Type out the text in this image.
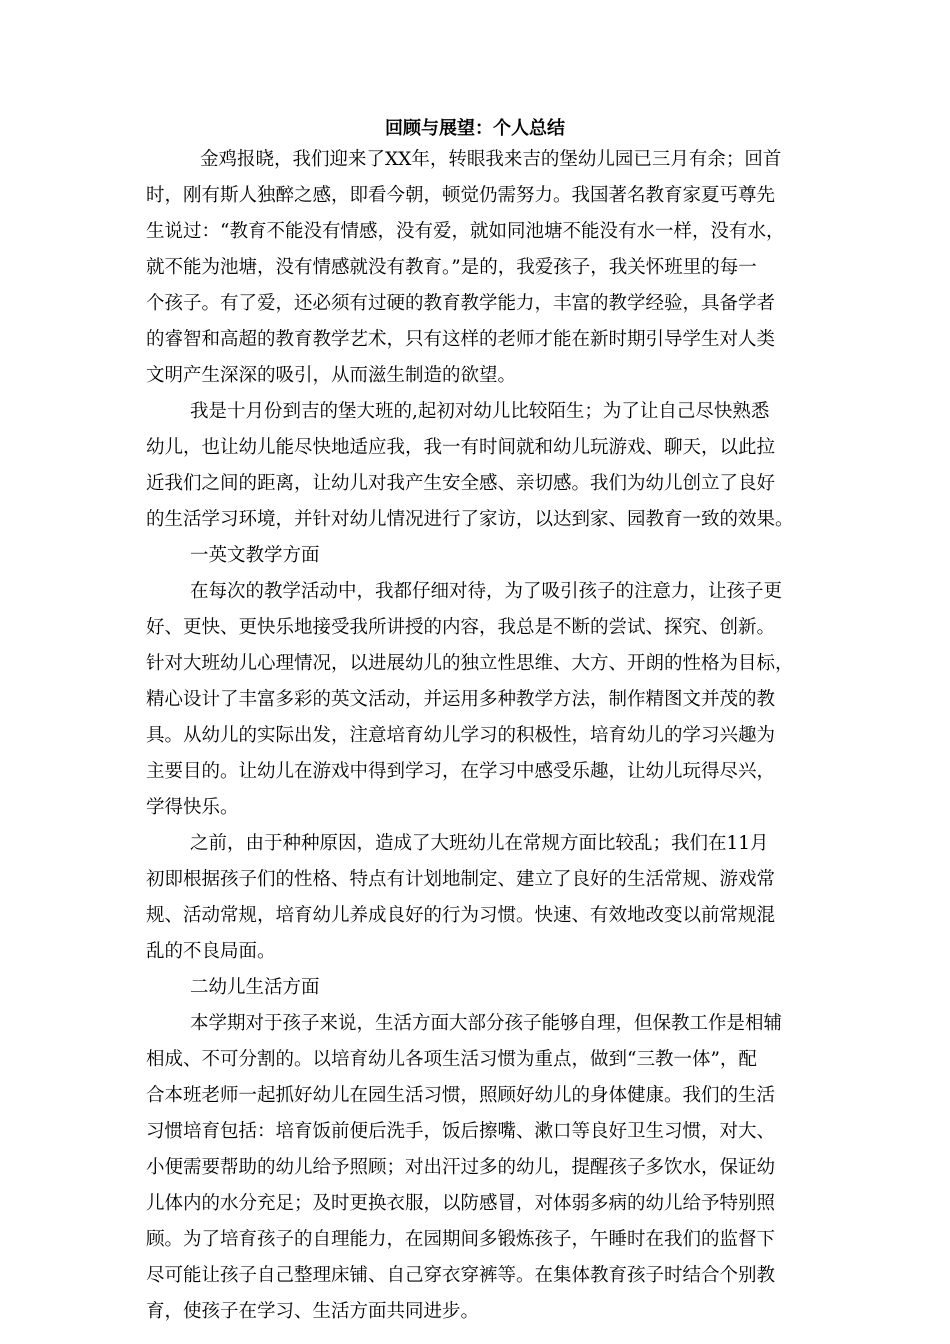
回顾与展望：个人总结
金鸡报晓，我们迎来了XX年，转眼我来吉的堡幼儿园已三月有余；回首
时，刚有斯人独醉之感，即看今朝，顿觉仍需努力。我国著名教育家夏丐尊先
生说过：“教育不能没有情感，没有爱，就如同池塘不能没有水一样，没有水，
就不能为池塘，没有情感就没有教育。”是的，我爱孩子，我关怀班里的每一
个孩子。有了爱，还必须有过硬的教育教学能力，丰富的教学经验，具备学者
的睿智和高超的教育教学艺术，只有这样的老师才能在新时期引导学生对人类
文明产生深深的吸引，从而滋生制造的欲望。
我是十月份到吉的堡大班的,起初对幼儿比较陌生；为了让自己尽快熟悉
幼儿，也让幼儿能尽快地适应我，我一有时间就和幼儿玩游戏、聊天，以此拉
近我们之间的距离，让幼儿对我产生安全感、亲切感。我们为幼儿创立了良好
的生活学习环境，并针对幼儿情况进行了家访，以达到家、园教育一致的效果。
一英文教学方面
在每次的教学活动中，我都仔细对待，为了吸引孩子的注意力，让孩子更
好、更快、更快乐地接受我所讲授的内容，我总是不断的尝试、探究、创新。
针对大班幼儿心理情况，以进展幼儿的独立性思维、大方、开朗的性格为目标，
精心设计了丰富多彩的英文活动，并运用多种教学方法，制作精图文并茂的教
具。从幼儿的实际出发，注意培育幼儿学习的积极性，培育幼儿的学习兴趣为
主要目的。让幼儿在游戏中得到学习，在学习中感受乐趣，让幼儿玩得尽兴，
学得快乐。
之前，由于种种原因，造成了大班幼儿在常规方面比较乱；我们在11月
初即根据孩子们的性格、特点有计划地制定、建立了良好的生活常规、游戏常
规、活动常规，培育幼儿养成良好的行为习惯。快速、有效地改变以前常规混
乱的不良局面。
二幼儿生活方面
本学期对于孩子来说，生活方面大部分孩子能够自理，但保教工作是相辅
相成、不可分割的。以培育幼儿各项生活习惯为重点，做到“三教一体”，配
合本班老师一起抓好幼儿在园生活习惯，照顾好幼儿的身体健康。我们的生活
习惯培育包括：培育饭前便后洗手，饭后擦嘴、漱口等良好卫生习惯，对大、
小便需要帮助的幼儿给予照顾；对出汗过多的幼儿，提醒孩子多饮水，保证幼
儿体内的水分充足；及时更换衣服，以防感冒，对体弱多病的幼儿给予特别照
顾。为了培育孩子的自理能力，在园期间多锻炼孩子，午睡时在我们的监督下
尽可能让孩子自己整理床铺、自己穿衣穿裤等。在集体教育孩子时结合个别教
育，使孩子在学习、生活方面共同进步。
